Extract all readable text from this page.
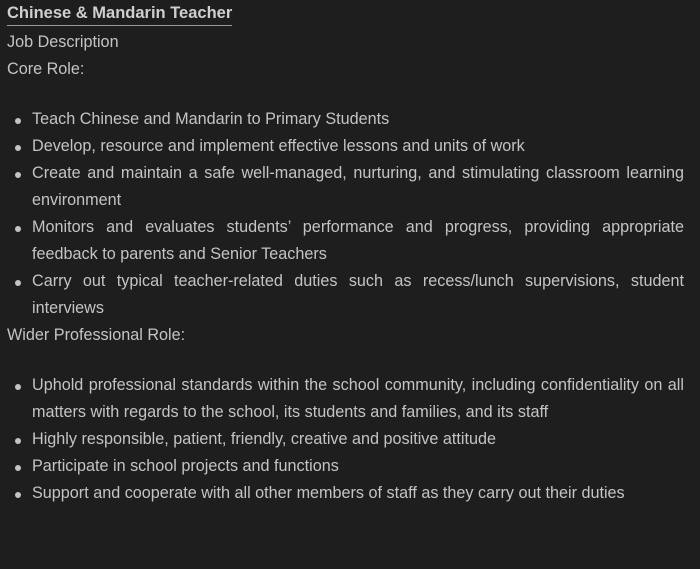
Chinese & Mandarin Teacher
Job Description
Core Role:
Teach Chinese and Mandarin to Primary Students
Develop, resource and implement effective lessons and units of work
Create and maintain a safe well-managed, nurturing, and stimulating classroom learning environment
Monitors and evaluates students’ performance and progress, providing appropriate feedback to parents and Senior Teachers
Carry out typical teacher-related duties such as recess/lunch supervisions, student interviews
Wider Professional Role:
Uphold professional standards within the school community, including confidentiality on all matters with regards to the school, its students and families, and its staff
Highly responsible, patient, friendly, creative and positive attitude
Participate in school projects and functions
Support and cooperate with all other members of staff as they carry out their duties
